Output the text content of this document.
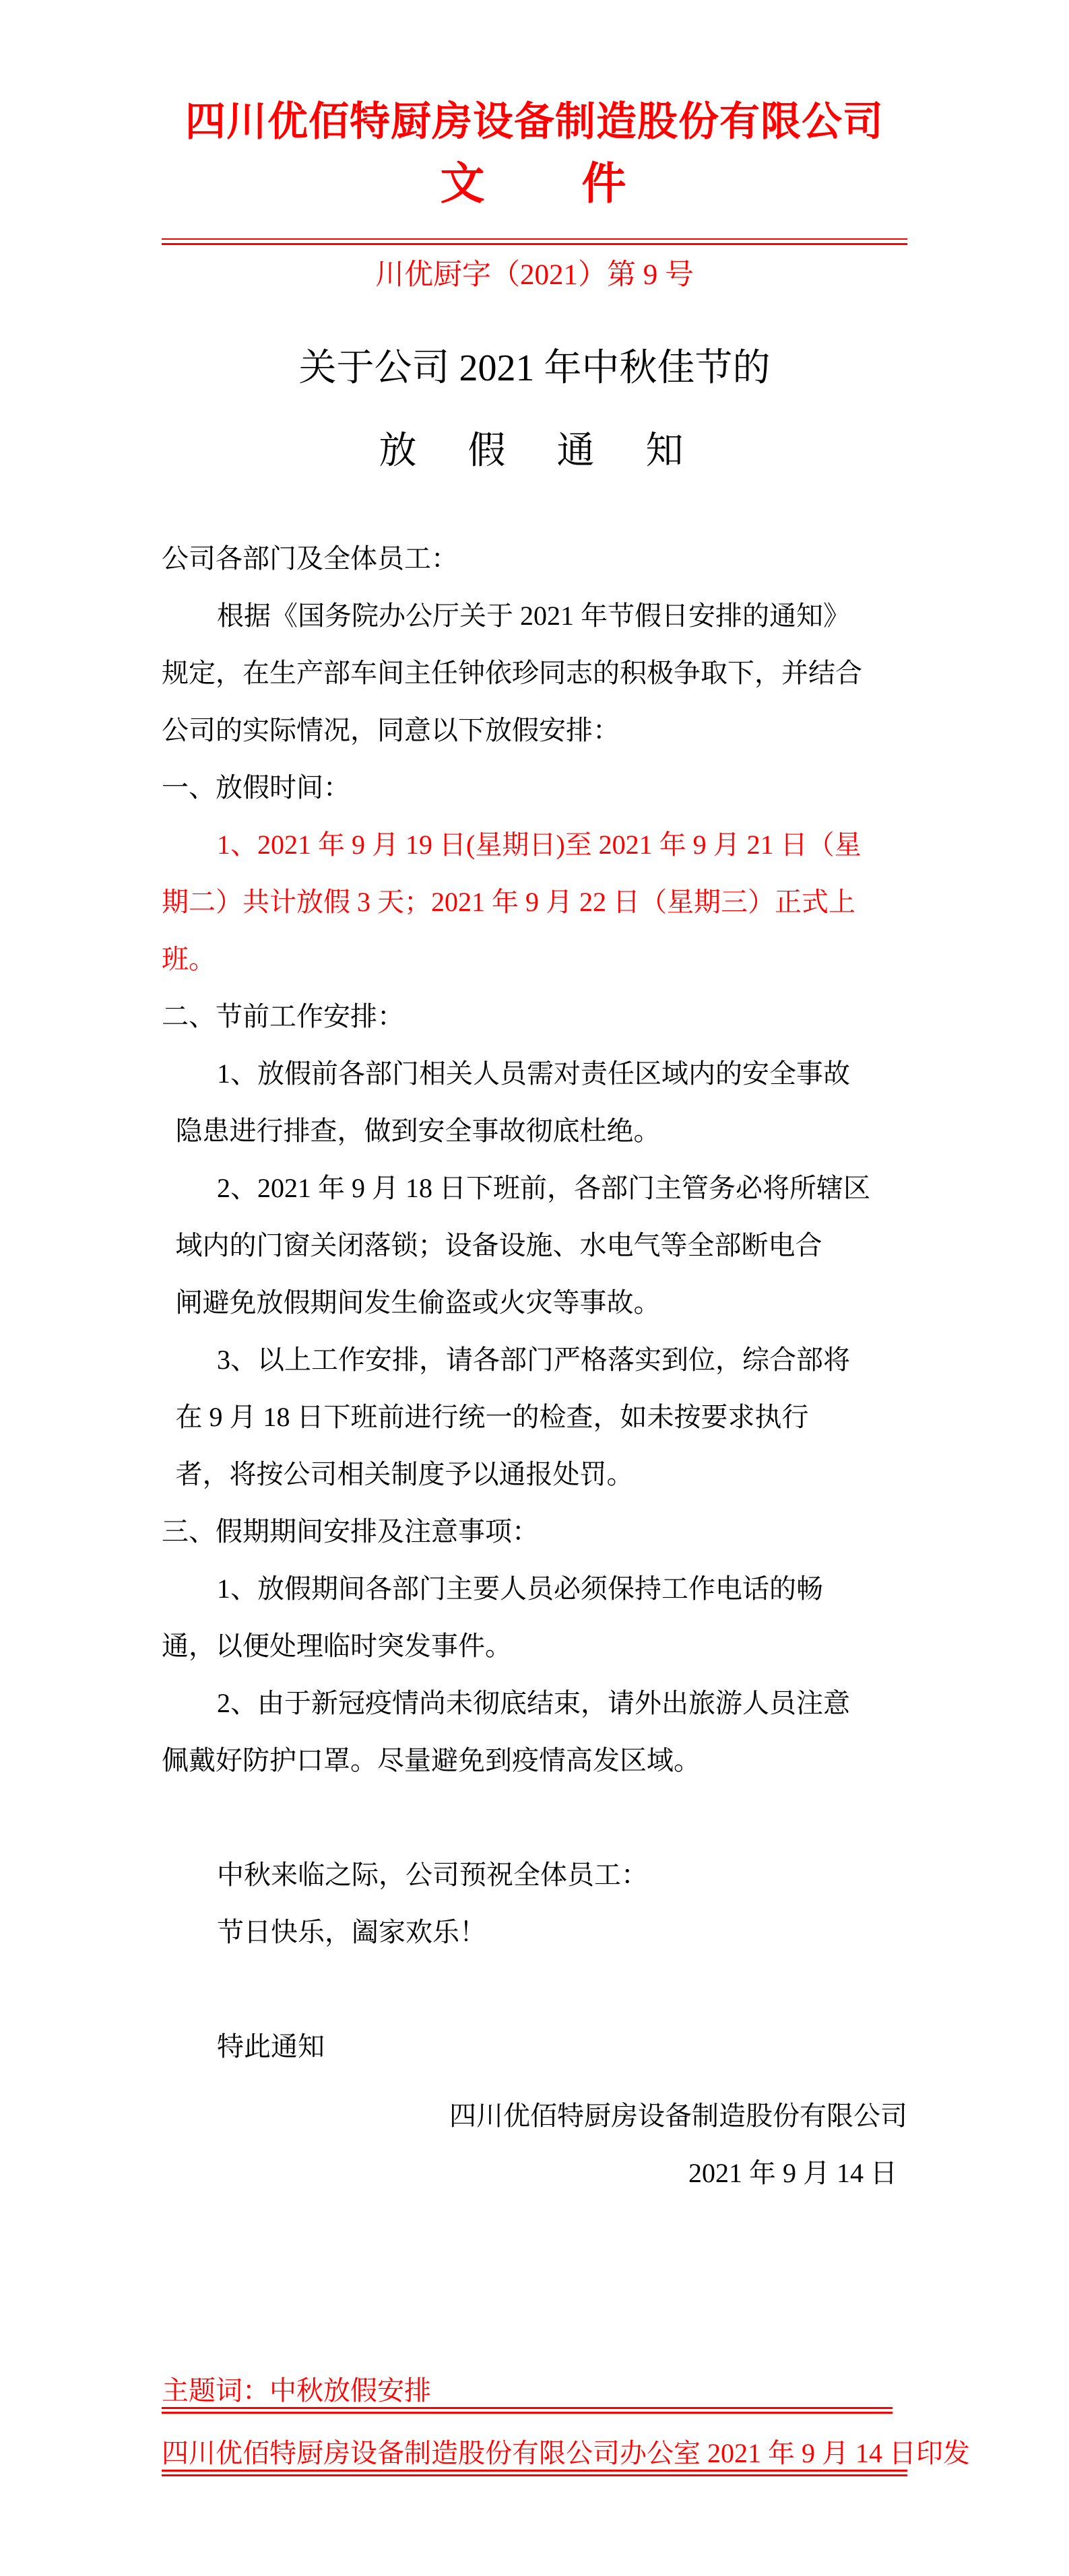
四川优佰特厨房设备制造股份有限公司
文　　件
川优厨字（2021）第 9 号
关于公司 2021 年中秋佳节的
放　假　通　知
公司各部门及全体员工：
根据《国务院办公厅关于 2021 年节假日安排的通知》
规定，在生产部车间主任钟依珍同志的积极争取下，并结合
公司的实际情况，同意以下放假安排：
一、放假时间：
1、2021 年 9 月 19 日(星期日)至 2021 年 9 月 21 日（星
期二）共计放假 3 天；2021 年 9 月 22 日（星期三）正式上
班。
二、节前工作安排：
1、放假前各部门相关人员需对责任区域内的安全事故
隐患进行排查，做到安全事故彻底杜绝。
2、2021 年 9 月 18 日下班前，各部门主管务必将所辖区
域内的门窗关闭落锁；设备设施、水电气等全部断电合
闸避免放假期间发生偷盗或火灾等事故。
3、以上工作安排，请各部门严格落实到位，综合部将
在 9 月 18 日下班前进行统一的检查，如未按要求执行
者，将按公司相关制度予以通报处罚。
三、假期期间安排及注意事项：
1、放假期间各部门主要人员必须保持工作电话的畅
通，以便处理临时突发事件。
2、由于新冠疫情尚未彻底结束，请外出旅游人员注意
佩戴好防护口罩。尽量避免到疫情高发区域。
中秋来临之际，公司预祝全体员工：
节日快乐，阖家欢乐！
特此通知
四川优佰特厨房设备制造股份有限公司
2021 年 9 月 14 日
主题词：中秋放假安排
四川优佰特厨房设备制造股份有限公司办公室 2021 年 9 月 14 日印发
